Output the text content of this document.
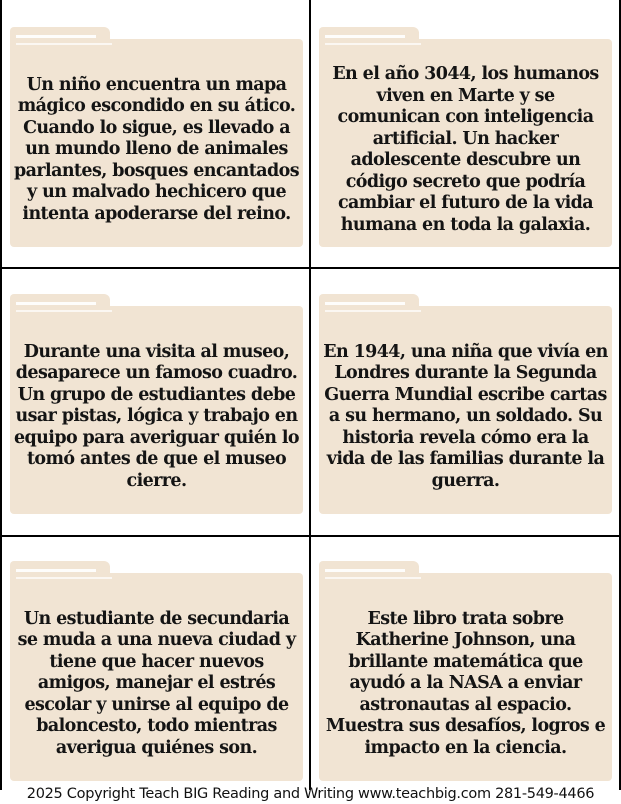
Un niño encuentra un mapa mágico escondido en su ático. Cuando lo sigue, es llevado a un mundo lleno de animales parlantes, bosques encantados y un malvado hechicero que intenta apoderarse del reino.
En el año 3044, los humanos viven en Marte y se comunican con inteligencia artificial. Un hacker adolescente descubre un código secreto que podría cambiar el futuro de la vida humana en toda la galaxia.
Durante una visita al museo, desaparece un famoso cuadro. Un grupo de estudiantes debe usar pistas, lógica y trabajo en equipo para averiguar quién lo tomó antes de que el museo cierre.
En 1944, una niña que vivía en Londres durante la Segunda Guerra Mundial escribe cartas a su hermano, un soldado. Su historia revela cómo era la vida de las familias durante la guerra.
Un estudiante de secundaria se muda a una nueva ciudad y tiene que hacer nuevos amigos, manejar el estrés escolar y unirse al equipo de baloncesto, todo mientras averigua quiénes son.
Este libro trata sobre Katherine Johnson, una brillante matemática que ayudó a la NASA a enviar astronautas al espacio. Muestra sus desafíos, logros e impacto en la ciencia.
2025 Copyright Teach BIG Reading and Writing www.teachbig.com 281-549-4466
